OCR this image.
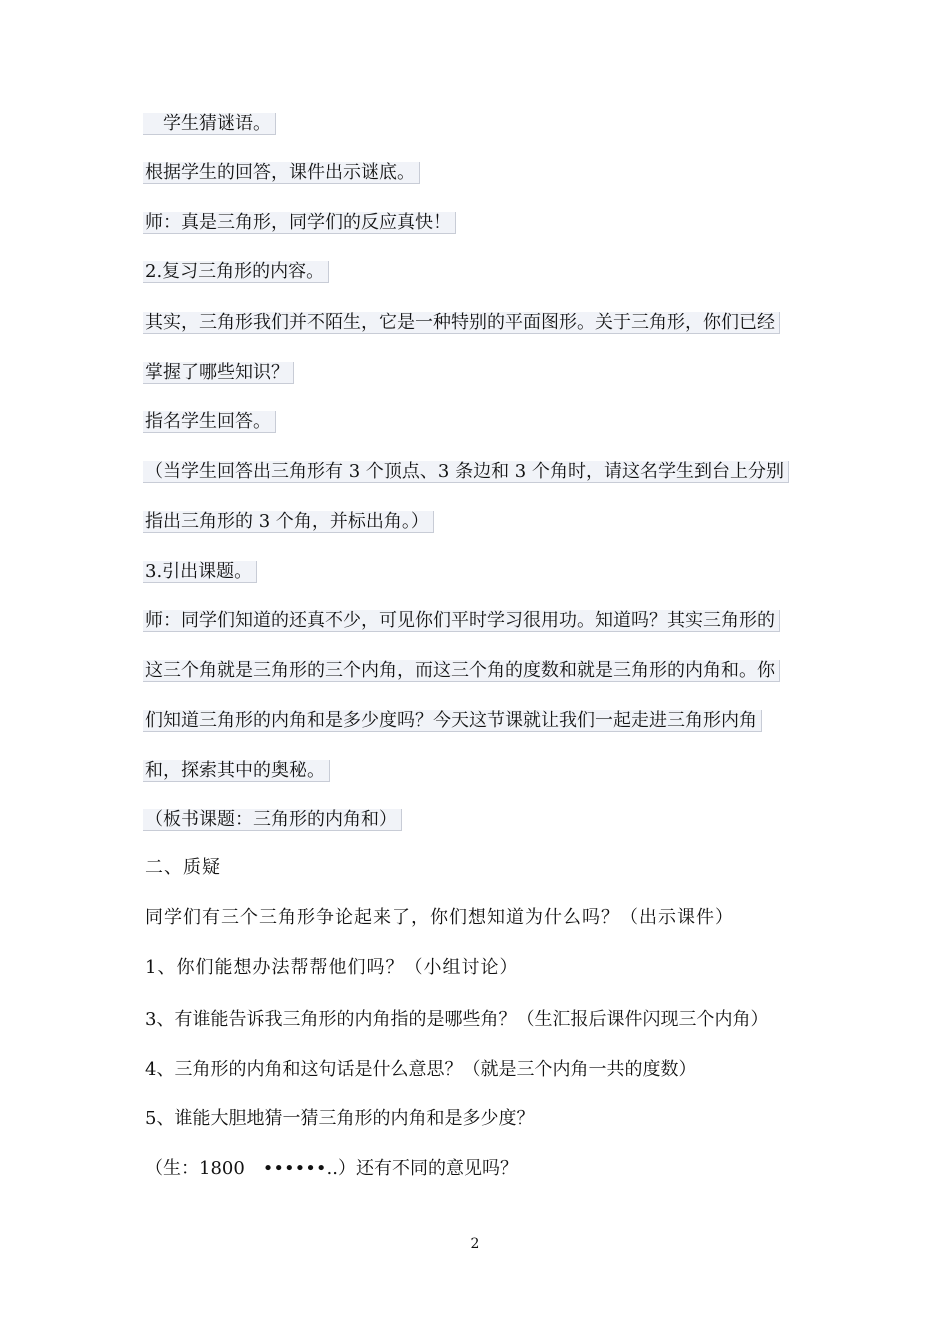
　学生猜谜语。
根据学生的回答，课件出示谜底。
师：真是三角形，同学们的反应真快！
2.复习三角形的内容。
其实，三角形我们并不陌生，它是一种特别的平面图形。关于三角形，你们已经
掌握了哪些知识？
指名学生回答。
（当学生回答出三角形有 3 个顶点、3 条边和 3 个角时，请这名学生到台上分别
指出三角形的 3 个角，并标出角。）
3.引出课题。
师：同学们知道的还真不少，可见你们平时学习很用功。知道吗？其实三角形的
这三个角就是三角形的三个内角，而这三个角的度数和就是三角形的内角和。你
们知道三角形的内角和是多少度吗？今天这节课就让我们一起走进三角形内角
和，探索其中的奥秘。
（板书课题：三角形的内角和）
二、质疑
同学们有三个三角形争论起来了，你们想知道为什么吗？（出示课件）
1、你们能想办法帮帮他们吗？（小组讨论）
3、有谁能告诉我三角形的内角指的是哪些角？（生汇报后课件闪现三个内角）
4、三角形的内角和这句话是什么意思？（就是三个内角一共的度数）
5、谁能大胆地猜一猜三角形的内角和是多少度？
（生：1800　••••••..）还有不同的意见吗？
2
